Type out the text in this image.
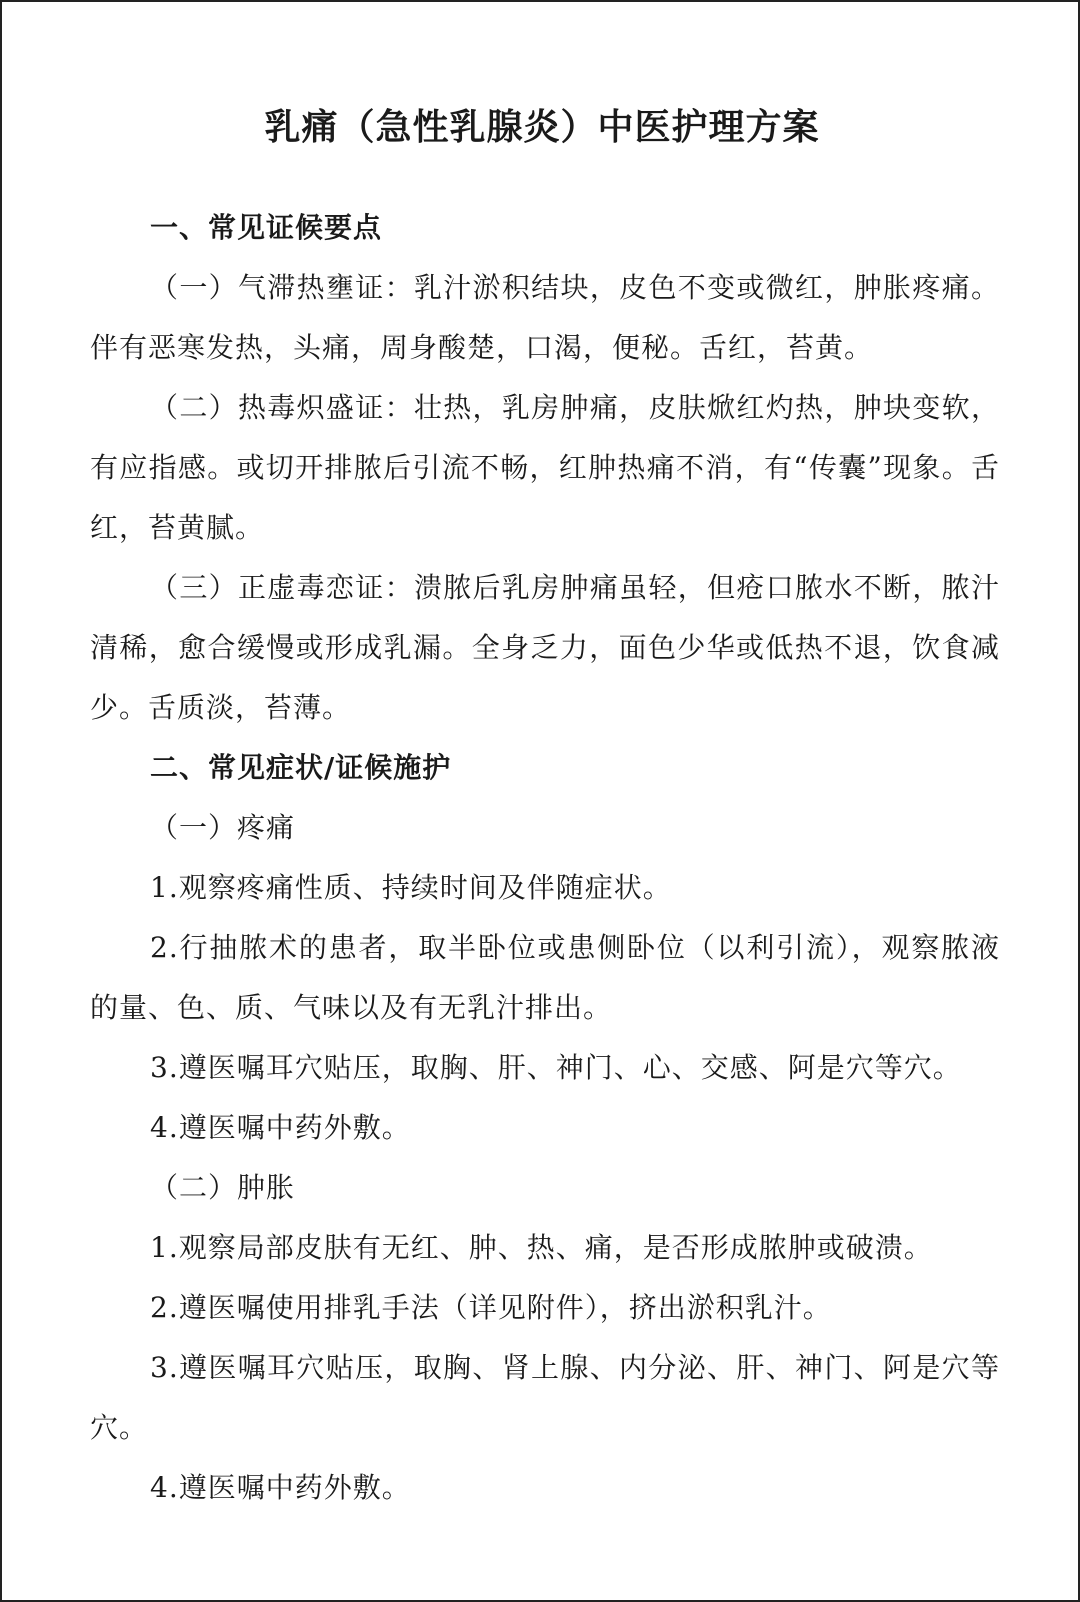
乳痛（急性乳腺炎）中医护理方案

一、常见证候要点

（一）气滞热壅证：乳汁淤积结块，皮色不变或微红，肿胀疼痛。伴有恶寒发热，头痛，周身酸楚，口渴，便秘。舌红，苔黄。

（二）热毒炽盛证：壮热，乳房肿痛，皮肤焮红灼热，肿块变软，有应指感。或切开排脓后引流不畅，红肿热痛不消，有“传囊”现象。舌红，苔黄腻。

（三）正虚毒恋证：溃脓后乳房肿痛虽轻，但疮口脓水不断，脓汁清稀，愈合缓慢或形成乳漏。全身乏力，面色少华或低热不退，饮食减少。舌质淡，苔薄。

二、常见症状/证候施护

（一）疼痛

1.观察疼痛性质、持续时间及伴随症状。

2.行抽脓术的患者，取半卧位或患侧卧位（以利引流），观察脓液的量、色、质、气味以及有无乳汁排出。

3.遵医嘱耳穴贴压，取胸、肝、神门、心、交感、阿是穴等穴。

4.遵医嘱中药外敷。

（二）肿胀

1.观察局部皮肤有无红、肿、热、痛，是否形成脓肿或破溃。

2.遵医嘱使用排乳手法（详见附件），挤出淤积乳汁。

3.遵医嘱耳穴贴压，取胸、肾上腺、内分泌、肝、神门、阿是穴等穴。

4.遵医嘱中药外敷。
